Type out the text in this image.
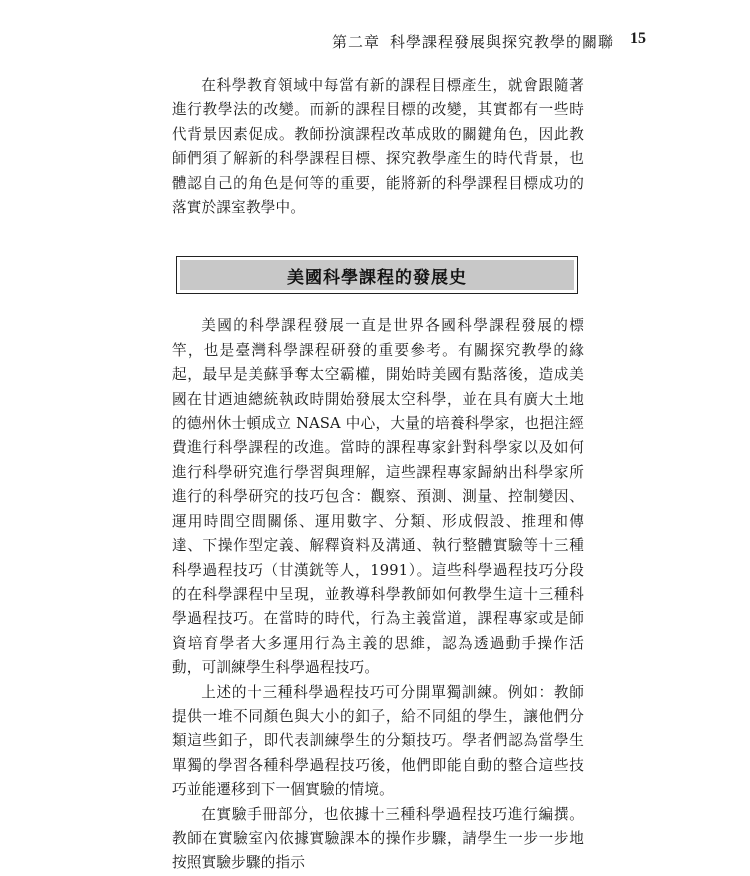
第二章 科學課程發展與探究教學的關聯 15

在科學教育領域中每當有新的課程目標產生，就會跟隨著進行教學法的改變。而新的課程目標的改變，其實都有一些時代背景因素促成。教師扮演課程改革成敗的關鍵角色，因此教師們須了解新的科學課程目標、探究教學產生的時代背景，也體認自己的角色是何等的重要，能將新的科學課程目標成功的落實於課室教學中。

美國科學課程的發展史

美國的科學課程發展一直是世界各國科學課程發展的標竿，也是臺灣科學課程研發的重要參考。有關探究教學的緣起，最早是美蘇爭奪太空霸權，開始時美國有點落後，造成美國在甘迺迪總統執政時開始發展太空科學，並在具有廣大土地的德州休士頓成立 NASA 中心，大量的培養科學家，也挹注經費進行科學課程的改進。當時的課程專家針對科學家以及如何進行科學研究進行學習與理解，這些課程專家歸納出科學家所進行的科學研究的技巧包含：觀察、預測、測量、控制變因、運用時間空間關係、運用數字、分類、形成假設、推理和傳達、下操作型定義、解釋資料及溝通、執行整體實驗等十三種科學過程技巧（甘漢銧等人，1991）。這些科學過程技巧分段的在科學課程中呈現，並教導科學教師如何教學生這十三種科學過程技巧。在當時的時代，行為主義當道，課程專家或是師資培育學者大多運用行為主義的思維，認為透過動手操作活動，可訓練學生科學過程技巧。

上述的十三種科學過程技巧可分開單獨訓練。例如：教師提供一堆不同顏色與大小的釦子，給不同組的學生，讓他們分類這些釦子，即代表訓練學生的分類技巧。學者們認為當學生單獨的學習各種科學過程技巧後，他們即能自動的整合這些技巧並能遷移到下一個實驗的情境。

在實驗手冊部分，也依據十三種科學過程技巧進行編撰。教師在實驗室內依據實驗課本的操作步驟，請學生一步一步地按照實驗步驟的指示
